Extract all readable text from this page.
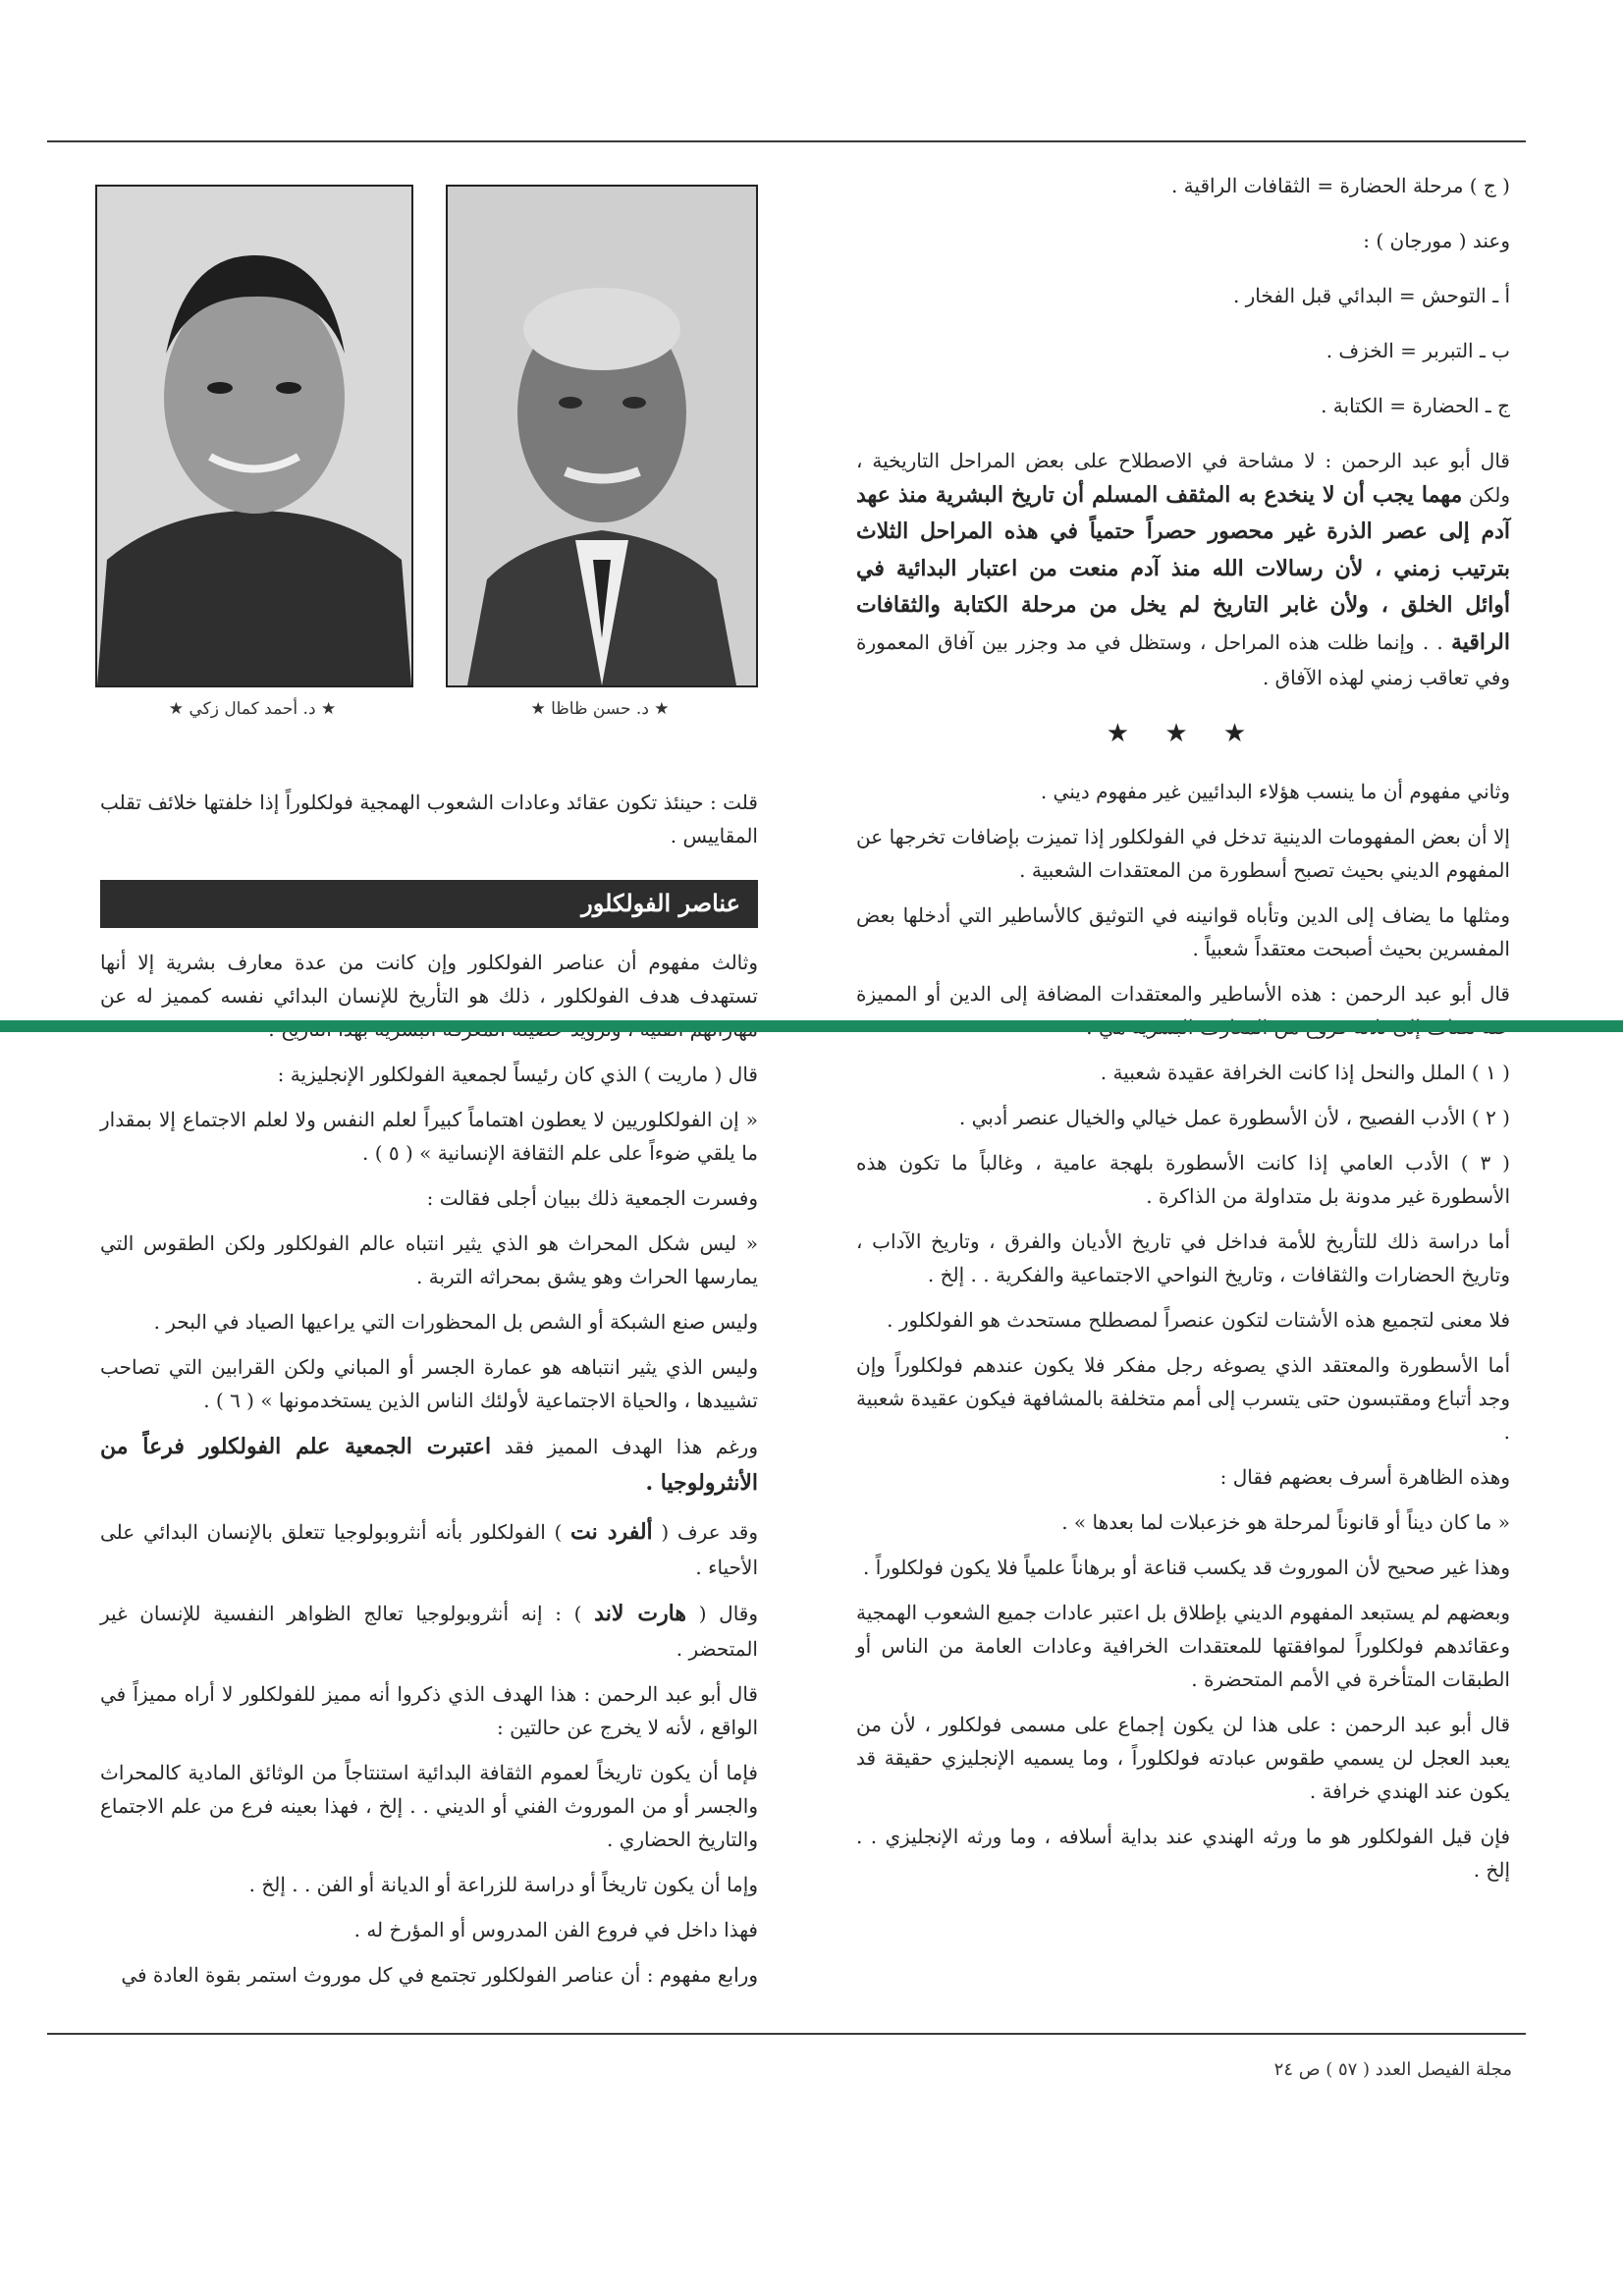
★ د. حسن ظاظا ★
★ د. أحمد كمال زكي ★

( ج ) مرحلة الحضارة = الثقافات الراقية .

وعند ( مورجان ) :

أ ـ التوحش = البدائي قبل الفخار .

ب ـ التبربر = الخزف .

ج ـ الحضارة = الكتابة .

قال أبو عبد الرحمن : لا مشاحة في الاصطلاح على بعض المراحل التاريخية ، ولكن مهما يجب أن لا ينخدع به المثقف المسلم أن تاريخ البشرية منذ عهد آدم إلى عصر الذرة غير محصور حصراً حتمياً في هذه المراحل الثلاث بترتيب زمني ، لأن رسالات الله منذ آدم منعت من اعتبار البدائية في أوائل الخلق ، ولأن غابر التاريخ لم يخل من مرحلة الكتابة والثقافات الراقية . . وإنما ظلت هذه المراحل ، وستظل في مد وجزر بين آفاق المعمورة وفي تعاقب زمني لهذه الآفاق .

★ ★ ★

وثاني مفهوم أن ما ينسب هؤلاء البدائيين غير مفهوم ديني .

إلا أن بعض المفهومات الدينية تدخل في الفولكلور إذا تميزت بإضافات تخرجها عن المفهوم الديني بحيث تصبح أسطورة من المعتقدات الشعبية .

ومثلها ما يضاف إلى الدين وتأباه قوانينه في التوثيق كالأساطير التي أدخلها بعض المفسرين بحيث أصبحت معتقداً شعبياً .

قال أبو عبد الرحمن : هذه الأساطير والمعتقدات المضافة إلى الدين أو المميزة

( ١ ) الملل والنحل إذا كانت الخرافة عقيدة شعبية .

( ٢ ) الأدب الفصيح ، لأن الأسطورة عمل خيالي والخيال عنصر أدبي .

( ٣ ) الأدب العامي إذا كانت الأسطورة بلهجة عامية ، وغالباً ما تكون هذه الأسطورة غير مدونة بل متداولة من الذاكرة .

أما دراسة ذلك للتأريخ للأمة فداخل في تاريخ الأديان والفرق ، وتاريخ الآداب ، وتاريخ الحضارات والثقافات ، وتاريخ النواحي الاجتماعية والفكرية . . إلخ .

فلا معنى لتجميع هذه الأشتات لتكون عنصراً لمصطلح مستحدث هو الفولكلور .

أما الأسطورة والمعتقد الذي يصوغه رجل مفكر فلا يكون عندهم فولكلوراً وإن وجد أتباع ومقتبسون حتى يتسرب إلى أمم متخلفة بالمشافهة فيكون عقيدة شعبية .

وهذه الظاهرة أسرف بعضهم فقال :

« ما كان ديناً أو قانوناً لمرحلة هو خزعبلات لما بعدها » .

وهذا غير صحيح لأن الموروث قد يكسب قناعة أو برهاناً علمياً فلا يكون فولكلوراً .

وبعضهم لم يستبعد المفهوم الديني بإطلاق بل اعتبر عادات جميع الشعوب الهمجية وعقائدهم فولكلوراً لموافقتها للمعتقدات الخرافية وعادات العامة من الناس أو الطبقات المتأخرة في الأمم المتحضرة .

قال أبو عبد الرحمن : على هذا لن يكون إجماع على مسمى فولكلور ، لأن من يعبد العجل لن يسمي طقوس عبادته فولكلوراً ، وما يسميه الإنجليزي حقيقة قد يكون عند الهندي خرافة .

فإن قيل الفولكلور هو ما ورثه الهندي عند بداية أسلافه ، وما ورثه الإنجليزي . . إلخ .

قلت : حينئذ تكون عقائد وعادات الشعوب الهمجية فولكلوراً إذا خلفتها خلائف تقلب المقاييس .

عناصر الفولكلور

وثالث مفهوم أن عناصر الفولكلور وإن كانت من عدة معارف بشرية إلا أنها تستهدف هدف الفولكلور ، ذلك هو التأريخ للإنسان البدائي نفسه كمميز له عن

قال ( ماريت ) الذي كان رئيساً لجمعية الفولكلور الإنجليزية :

« إن الفولكلوريين لا يعطون اهتماماً كبيراً لعلم النفس ولا لعلم الاجتماع إلا بمقدار ما يلقي ضوءاً على علم الثقافة الإنسانية » ( ٥ ) .

وفسرت الجمعية ذلك ببيان أجلى فقالت :

« ليس شكل المحراث هو الذي يثير انتباه عالم الفولكلور ولكن الطقوس التي يمارسها الحراث وهو يشق بمحراثه التربة .

وليس صنع الشبكة أو الشص بل المحظورات التي يراعيها الصياد في البحر .

وليس الذي يثير انتباهه هو عمارة الجسر أو المباني ولكن القرابين التي تصاحب تشييدها ، والحياة الاجتماعية لأولئك الناس الذين يستخدمونها » ( ٦ ) .

ورغم هذا الهدف المميز فقد اعتبرت الجمعية علم الفولكلور فرعاً من الأنثرولوجيا .

وقد عرف ( ألفرد نت ) الفولكلور بأنه أنثروبولوجيا تتعلق بالإنسان البدائي على الأحياء .

وقال ( هارت لاند ) : إنه أنثروبولوجيا تعالج الظواهر النفسية للإنسان غير المتحضر .

قال أبو عبد الرحمن : هذا الهدف الذي ذكروا أنه مميز للفولكلور لا أراه مميزاً في الواقع ، لأنه لا يخرج عن حالتين :

فإما أن يكون تاريخاً لعموم الثقافة البدائية استنتاجاً من الوثائق المادية كالمحراث والجسر أو من الموروث الفني أو الديني . . إلخ ، فهذا بعينه فرع من علم الاجتماع والتاريخ الحضاري .

وإما أن يكون تاريخاً أو دراسة للزراعة أو الديانة أو الفن . . إلخ .

فهذا داخل في فروع الفن المدروس أو المؤرخ له .

ورابع مفهوم : أن عناصر الفولكلور تجتمع في كل موروث استمر بقوة العادة في

مجلة الفيصل العدد ( ٥٧ ) ص ٢٤
